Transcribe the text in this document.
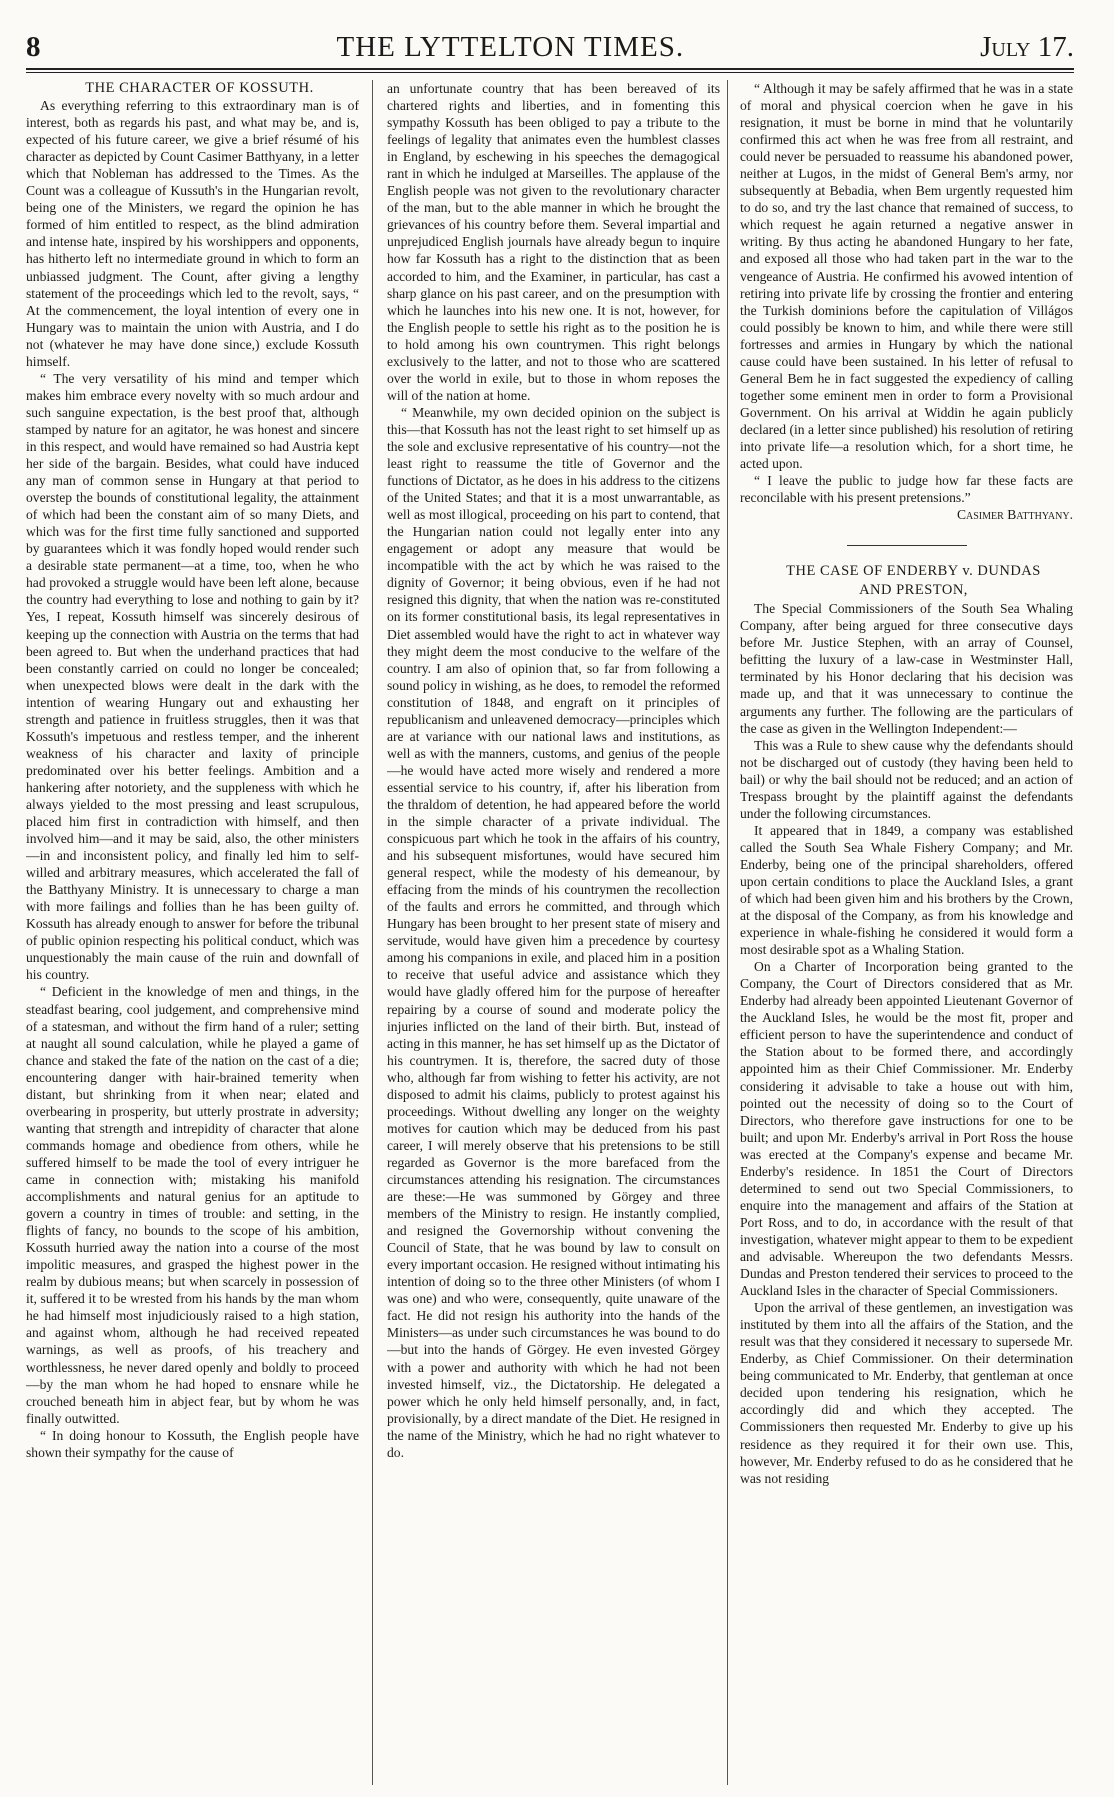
8	THE LYTTELTON TIMES.	July 17.

THE CHARACTER OF KOSSUTH.

As everything referring to this extraordinary man is of interest, both as regards his past, and what may be, and is, expected of his future career, we give a brief résumé of his character as depicted by Count Casimer Batthyany, in a letter which that Nobleman has addressed to the Times. As the Count was a colleague of Kussuth's in the Hungarian revolt, being one of the Ministers, we regard the opinion he has formed of him entitled to respect, as the blind admiration and intense hate, inspired by his worshippers and opponents, has hitherto left no intermediate ground in which to form an unbiassed judgment. The Count, after giving a lengthy statement of the proceedings which led to the revolt, says, “ At the commencement, the loyal intention of every one in Hungary was to maintain the union with Austria, and I do not (whatever he may have done since,) exclude Kossuth himself.

“ The very versatility of his mind and temper which makes him embrace every novelty with so much ardour and such sanguine expectation, is the best proof that, although stamped by nature for an agitator, he was honest and sincere in this respect, and would have remained so had Austria kept her side of the bargain. Besides, what could have induced any man of common sense in Hungary at that period to overstep the bounds of constitutional legality, the attainment of which had been the constant aim of so many Diets, and which was for the first time fully sanctioned and supported by guarantees which it was fondly hoped would render such a desirable state permanent—at a time, too, when he who had provoked a struggle would have been left alone, because the country had everything to lose and nothing to gain by it? Yes, I repeat, Kossuth himself was sincerely desirous of keeping up the connection with Austria on the terms that had been agreed to. But when the underhand practices that had been constantly carried on could no longer be concealed; when unexpected blows were dealt in the dark with the intention of wearing Hungary out and exhausting her strength and patience in fruitless struggles, then it was that Kossuth's impetuous and restless temper, and the inherent weakness of his character and laxity of principle predominated over his better feelings. Ambition and a hankering after notoriety, and the suppleness with which he always yielded to the most pressing and least scrupulous, placed him first in contradiction with himself, and then involved him—and it may be said, also, the other ministers—in and inconsistent policy, and finally led him to self-willed and arbitrary measures, which accelerated the fall of the Batthyany Ministry. It is unnecessary to charge a man with more failings and follies than he has been guilty of. Kossuth has already enough to answer for before the tribunal of public opinion respecting his political conduct, which was unquestionably the main cause of the ruin and downfall of his country.

“ Deficient in the knowledge of men and things, in the steadfast bearing, cool judgement, and comprehensive mind of a statesman, and without the firm hand of a ruler; setting at naught all sound calculation, while he played a game of chance and staked the fate of the nation on the cast of a die; encountering danger with hair-brained temerity when distant, but shrinking from it when near; elated and overbearing in prosperity, but utterly prostrate in adversity; wanting that strength and intrepidity of character that alone commands homage and obedience from others, while he suffered himself to be made the tool of every intriguer he came in connection with; mistaking his manifold accomplishments and natural genius for an aptitude to govern a country in times of trouble: and setting, in the flights of fancy, no bounds to the scope of his ambition, Kossuth hurried away the nation into a course of the most impolitic measures, and grasped the highest power in the realm by dubious means; but when scarcely in possession of it, suffered it to be wrested from his hands by the man whom he had himself most injudiciously raised to a high station, and against whom, although he had received repeated warnings, as well as proofs, of his treachery and worthlessness, he never dared openly and boldly to proceed—by the man whom he had hoped to ensnare while he crouched beneath him in abject fear, but by whom he was finally outwitted.

“ In doing honour to Kossuth, the English people have shown their sympathy for the cause of

an unfortunate country that has been bereaved of its chartered rights and liberties, and in fomenting this sympathy Kossuth has been obliged to pay a tribute to the feelings of legality that animates even the humblest classes in England, by eschewing in his speeches the demagogical rant in which he indulged at Marseilles. The applause of the English people was not given to the revolutionary character of the man, but to the able manner in which he brought the grievances of his country before them. Several impartial and unprejudiced English journals have already begun to inquire how far Kossuth has a right to the distinction that as been accorded to him, and the Examiner, in particular, has cast a sharp glance on his past career, and on the presumption with which he launches into his new one. It is not, however, for the English people to settle his right as to the position he is to hold among his own countrymen. This right belongs exclusively to the latter, and not to those who are scattered over the world in exile, but to those in whom reposes the will of the nation at home.

“ Meanwhile, my own decided opinion on the subject is this—that Kossuth has not the least right to set himself up as the sole and exclusive representative of his country—not the least right to reassume the title of Governor and the functions of Dictator, as he does in his address to the citizens of the United States; and that it is a most unwarrantable, as well as most illogical, proceeding on his part to contend, that the Hungarian nation could not legally enter into any engagement or adopt any measure that would be incompatible with the act by which he was raised to the dignity of Governor; it being obvious, even if he had not resigned this dignity, that when the nation was re-constituted on its former constitutional basis, its legal representatives in Diet assembled would have the right to act in whatever way they might deem the most conducive to the welfare of the country. I am also of opinion that, so far from following a sound policy in wishing, as he does, to remodel the reformed constitution of 1848, and engraft on it principles of republicanism and unleavened democracy—principles which are at variance with our national laws and institutions, as well as with the manners, customs, and genius of the people—he would have acted more wisely and rendered a more essential service to his country, if, after his liberation from the thraldom of detention, he had appeared before the world in the simple character of a private individual. The conspicuous part which he took in the affairs of his country, and his subsequent misfortunes, would have secured him general respect, while the modesty of his demeanour, by effacing from the minds of his countrymen the recollection of the faults and errors he committed, and through which Hungary has been brought to her present state of misery and servitude, would have given him a precedence by courtesy among his companions in exile, and placed him in a position to receive that useful advice and assistance which they would have gladly offered him for the purpose of hereafter repairing by a course of sound and moderate policy the injuries inflicted on the land of their birth. But, instead of acting in this manner, he has set himself up as the Dictator of his countrymen. It is, therefore, the sacred duty of those who, although far from wishing to fetter his activity, are not disposed to admit his claims, publicly to protest against his proceedings. Without dwelling any longer on the weighty motives for caution which may be deduced from his past career, I will merely observe that his pretensions to be still regarded as Governor is the more barefaced from the circumstances attending his resignation. The circumstances are these:—He was summoned by Görgey and three members of the Ministry to resign. He instantly complied, and resigned the Governorship without convening the Council of State, that he was bound by law to consult on every important occasion. He resigned without intimating his intention of doing so to the three other Ministers (of whom I was one) and who were, consequently, quite unaware of the fact. He did not resign his authority into the hands of the Ministers—as under such circumstances he was bound to do—but into the hands of Görgey. He even invested Görgey with a power and authority with which he had not been invested himself, viz., the Dictatorship. He delegated a power which he only held himself personally, and, in fact, provisionally, by a direct mandate of the Diet. He resigned in the name of the Ministry, which he had no right whatever to do.

“ Although it may be safely affirmed that he was in a state of moral and physical coercion when he gave in his resignation, it must be borne in mind that he voluntarily confirmed this act when he was free from all restraint, and could never be persuaded to reassume his abandoned power, neither at Lugos, in the midst of General Bem's army, nor subsequently at Bebadia, when Bem urgently requested him to do so, and try the last chance that remained of success, to which request he again returned a negative answer in writing. By thus acting he abandoned Hungary to her fate, and exposed all those who had taken part in the war to the vengeance of Austria. He confirmed his avowed intention of retiring into private life by crossing the frontier and entering the Turkish dominions before the capitulation of Villágos could possibly be known to him, and while there were still fortresses and armies in Hungary by which the national cause could have been sustained. In his letter of refusal to General Bem he in fact suggested the expediency of calling together some eminent men in order to form a Provisional Government. On his arrival at Widdin he again publicly declared (in a letter since published) his resolution of retiring into private life—a resolution which, for a short time, he acted upon.

“ I leave the public to judge how far these facts are reconcilable with his present pretensions.”

Casimer Batthyany.

THE CASE OF ENDERBY v. DUNDAS

AND PRESTON,

The Special Commissioners of the South Sea Whaling Company, after being argued for three consecutive days before Mr. Justice Stephen, with an array of Counsel, befitting the luxury of a law-case in Westminster Hall, terminated by his Honor declaring that his decision was made up, and that it was unnecessary to continue the arguments any further. The following are the particulars of the case as given in the Wellington Independent:—

This was a Rule to shew cause why the defendants should not be discharged out of custody (they having been held to bail) or why the bail should not be reduced; and an action of Trespass brought by the plaintiff against the defendants under the following circumstances.

It appeared that in 1849, a company was established called the South Sea Whale Fishery Company; and Mr. Enderby, being one of the principal shareholders, offered upon certain conditions to place the Auckland Isles, a grant of which had been given him and his brothers by the Crown, at the disposal of the Company, as from his knowledge and experience in whale-fishing he considered it would form a most desirable spot as a Whaling Station.

On a Charter of Incorporation being granted to the Company, the Court of Directors considered that as Mr. Enderby had already been appointed Lieutenant Governor of the Auckland Isles, he would be the most fit, proper and efficient person to have the superintendence and conduct of the Station about to be formed there, and accordingly appointed him as their Chief Commissioner. Mr. Enderby considering it advisable to take a house out with him, pointed out the necessity of doing so to the Court of Directors, who therefore gave instructions for one to be built; and upon Mr. Enderby's arrival in Port Ross the house was erected at the Company's expense and became Mr. Enderby's residence. In 1851 the Court of Directors determined to send out two Special Commissioners, to enquire into the management and affairs of the Station at Port Ross, and to do, in accordance with the result of that investigation, whatever might appear to them to be expedient and advisable. Whereupon the two defendants Messrs. Dundas and Preston tendered their services to proceed to the Auckland Isles in the character of Special Commissioners.

Upon the arrival of these gentlemen, an investigation was instituted by them into all the affairs of the Station, and the result was that they considered it necessary to supersede Mr. Enderby, as Chief Commissioner. On their determination being communicated to Mr. Enderby, that gentleman at once decided upon tendering his resignation, which he accordingly did and which they accepted. The Commissioners then requested Mr. Enderby to give up his residence as they required it for their own use. This, however, Mr. Enderby refused to do as he considered that he was not residing
